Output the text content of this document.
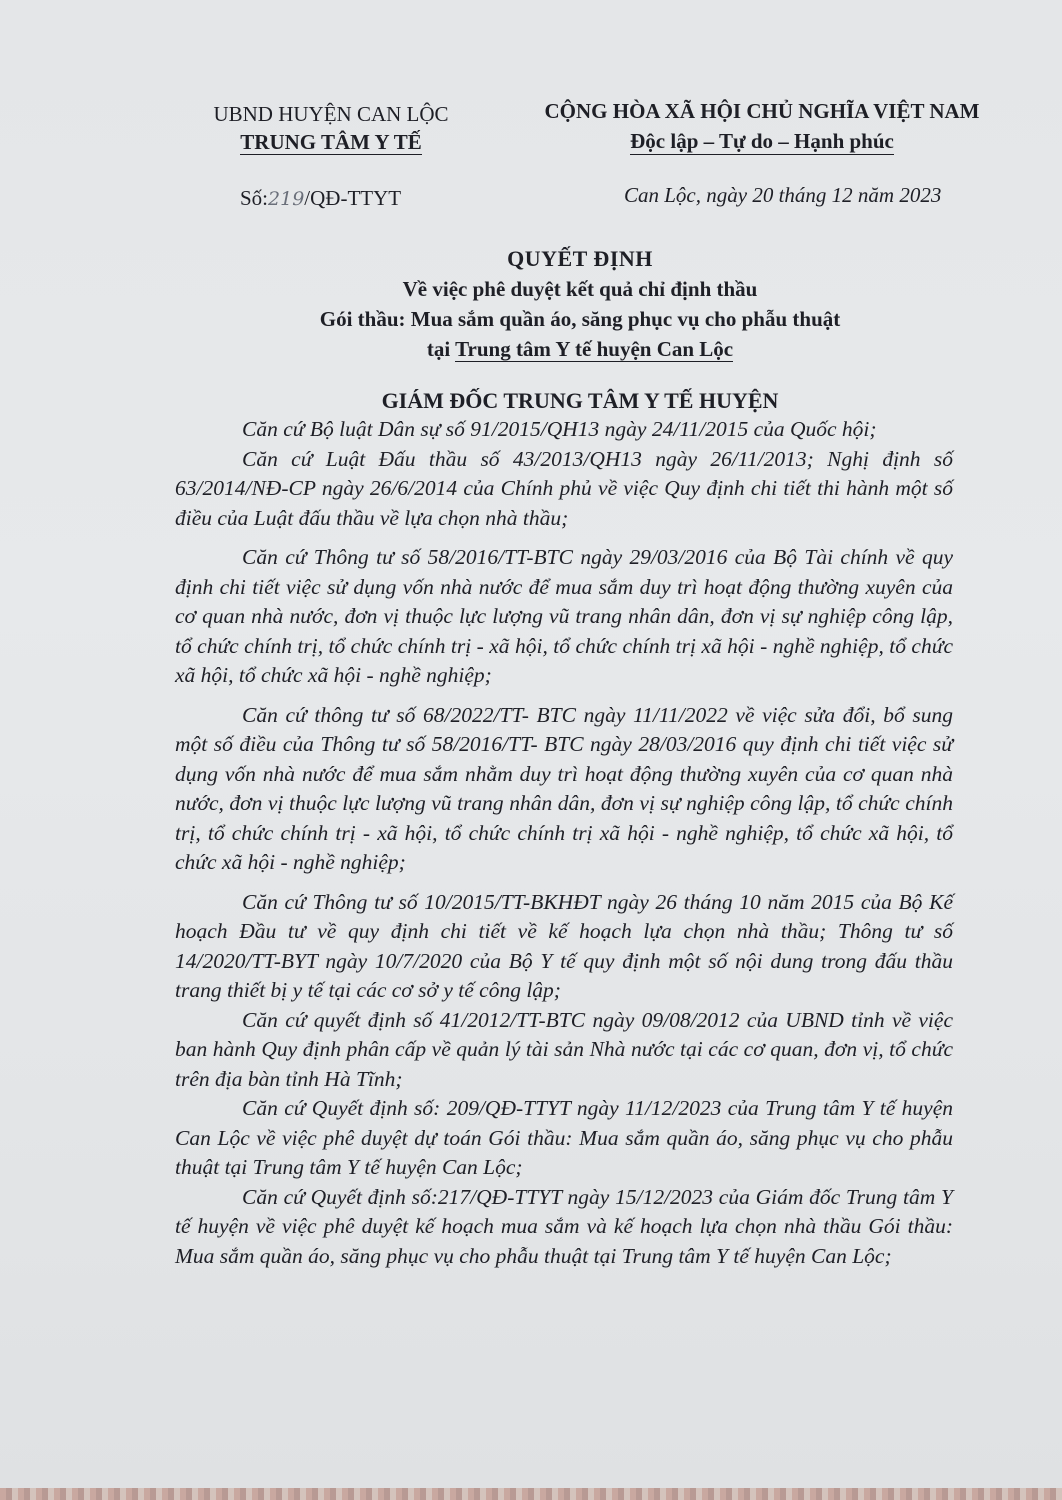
UBND HUYỆN CAN LỘC
TRUNG TÂM Y TẾ
CỘNG HÒA XÃ HỘI CHỦ NGHĨA VIỆT NAM
Độc lập – Tự do – Hạnh phúc
Số:219/QĐ-TTYT	Can Lộc, ngày 20 tháng 12 năm 2023
QUYẾT ĐỊNH
Về việc phê duyệt kết quả chỉ định thầu
Gói thầu: Mua sắm quần áo, săng phục vụ cho phẫu thuật
tại Trung tâm Y tế huyện Can Lộc
GIÁM ĐỐC TRUNG TÂM Y TẾ HUYỆN

Căn cứ Bộ luật Dân sự số 91/2015/QH13 ngày 24/11/2015 của Quốc hội;

Căn cứ Luật Đấu thầu số 43/2013/QH13 ngày 26/11/2013; Nghị định số 63/2014/NĐ-CP ngày 26/6/2014 của Chính phủ về việc Quy định chi tiết thi hành một số điều của Luật đấu thầu về lựa chọn nhà thầu;

Căn cứ Thông tư số 58/2016/TT-BTC ngày 29/03/2016 của Bộ Tài chính về quy định chi tiết việc sử dụng vốn nhà nước để mua sắm duy trì hoạt động thường xuyên của cơ quan nhà nước, đơn vị thuộc lực lượng vũ trang nhân dân, đơn vị sự nghiệp công lập, tổ chức chính trị, tổ chức chính trị - xã hội, tổ chức chính trị xã hội - nghề nghiệp, tổ chức xã hội, tổ chức xã hội - nghề nghiệp;

Căn cứ thông tư số 68/2022/TT- BTC ngày 11/11/2022 về việc sửa đổi, bổ sung một số điều của Thông tư số 58/2016/TT- BTC ngày 28/03/2016 quy định chi tiết việc sử dụng vốn nhà nước để mua sắm nhằm duy trì hoạt động thường xuyên của cơ quan nhà nước, đơn vị thuộc lực lượng vũ trang nhân dân, đơn vị sự nghiệp công lập, tổ chức chính trị, tổ chức chính trị - xã hội, tổ chức chính trị xã hội - nghề nghiệp, tổ chức xã hội, tổ chức xã hội - nghề nghiệp;

Căn cứ Thông tư số 10/2015/TT-BKHĐT ngày 26 tháng 10 năm 2015 của Bộ Kế hoạch Đầu tư về quy định chi tiết về kế hoạch lựa chọn nhà thầu; Thông tư số 14/2020/TT-BYT ngày 10/7/2020 của Bộ Y tế quy định một số nội dung trong đấu thầu trang thiết bị y tế tại các cơ sở y tế công lập;

Căn cứ quyết định số 41/2012/TT-BTC ngày 09/08/2012 của UBND tỉnh về việc ban hành Quy định phân cấp về quản lý tài sản Nhà nước tại các cơ quan, đơn vị, tổ chức trên địa bàn tỉnh Hà Tĩnh;

Căn cứ Quyết định số: 209/QĐ-TTYT ngày 11/12/2023 của Trung tâm Y tế huyện Can Lộc về việc phê duyệt dự toán Gói thầu: Mua sắm quần áo, săng phục vụ cho phẫu thuật tại Trung tâm Y tế huyện Can Lộc;

Căn cứ Quyết định số:217/QĐ-TTYT ngày 15/12/2023 của Giám đốc Trung tâm Y tế huyện về việc phê duyệt kế hoạch mua sắm và kế hoạch lựa chọn nhà thầu Gói thầu: Mua sắm quần áo, săng phục vụ cho phẫu thuật tại Trung tâm Y tế huyện Can Lộc;
